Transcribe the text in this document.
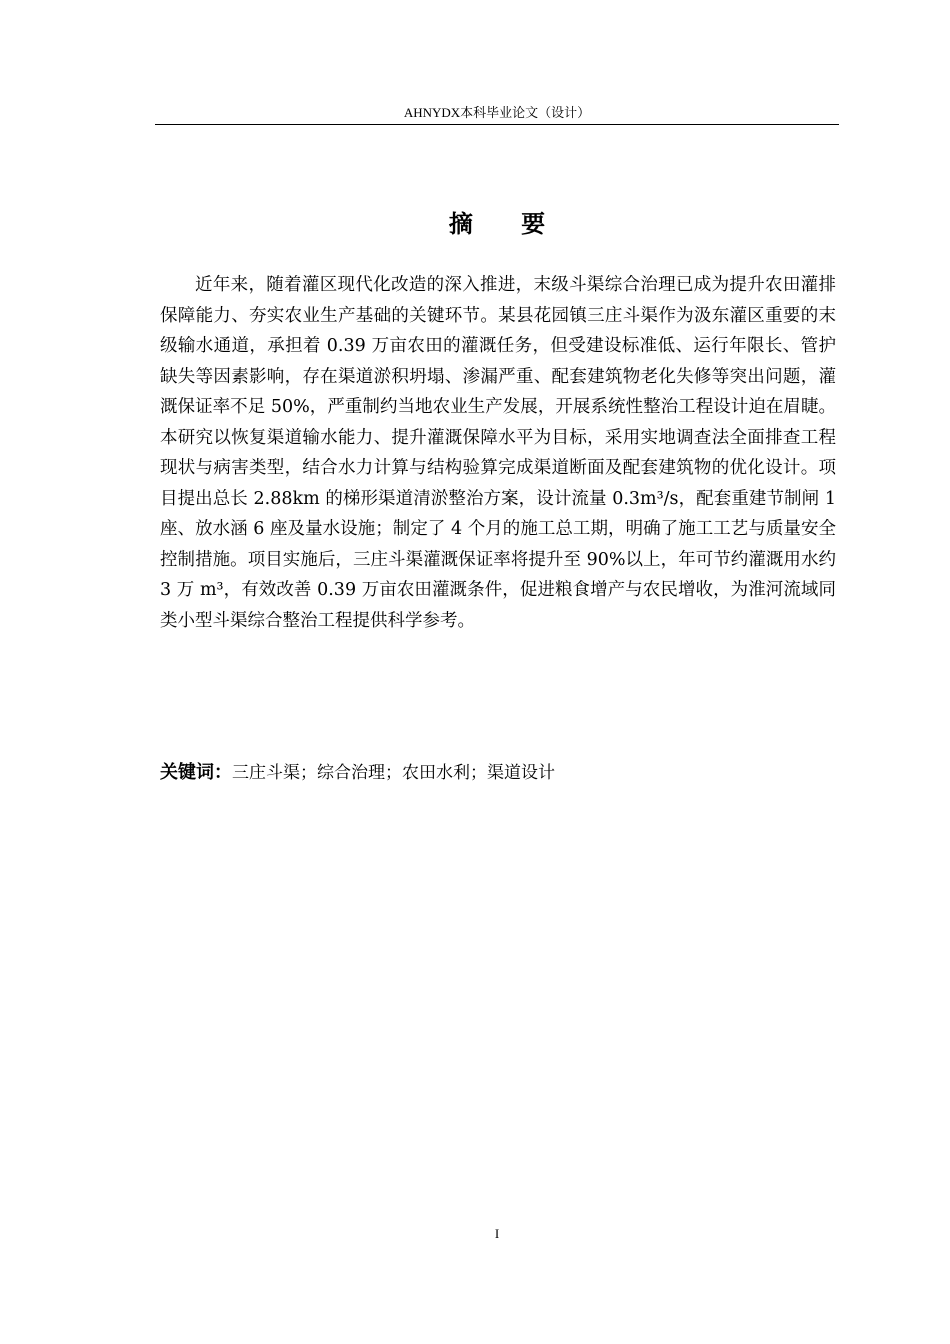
AHNYDX本科毕业论文（设计）
摘 要

近年来，随着灌区现代化改造的深入推进，末级斗渠综合治理已成为提升农田灌排保障能力、夯实农业生产基础的关键环节。某县花园镇三庄斗渠作为汲东灌区重要的末级输水通道，承担着 0.39 万亩农田的灌溉任务，但受建设标准低、运行年限长、管护缺失等因素影响，存在渠道淤积坍塌、渗漏严重、配套建筑物老化失修等突出问题，灌溉保证率不足 50%，严重制约当地农业生产发展，开展系统性整治工程设计迫在眉睫。本研究以恢复渠道输水能力、提升灌溉保障水平为目标，采用实地调查法全面排查工程现状与病害类型，结合水力计算与结构验算完成渠道断面及配套建筑物的优化设计。项目提出总长 2.88km 的梯形渠道清淤整治方案，设计流量 0.3m³/s，配套重建节制闸 1 座、放水涵 6 座及量水设施；制定了 4 个月的施工总工期，明确了施工工艺与质量安全控制措施。项目实施后，三庄斗渠灌溉保证率将提升至 90%以上，年可节约灌溉用水约 3 万 m³，有效改善 0.39 万亩农田灌溉条件，促进粮食增产与农民增收，为淮河流域同类小型斗渠综合整治工程提供科学参考。

关键词：三庄斗渠；综合治理；农田水利；渠道设计
I
